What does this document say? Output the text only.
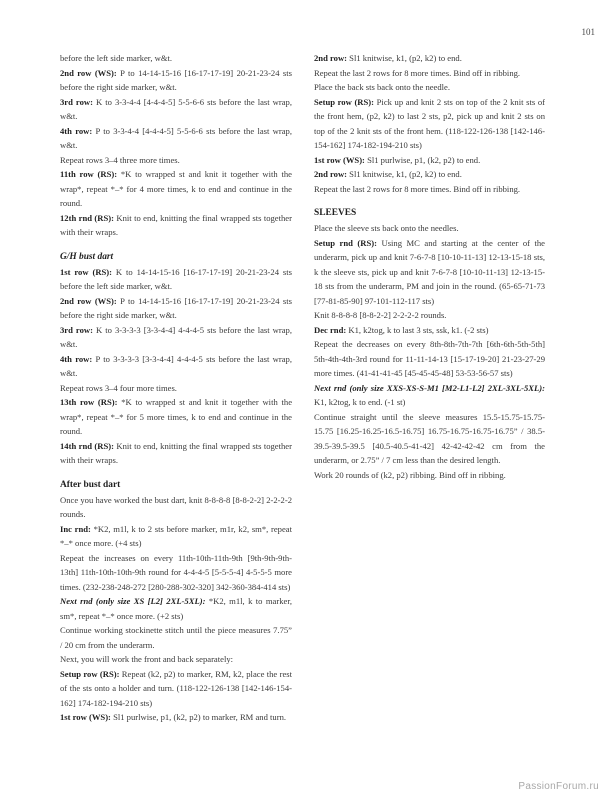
101

before the left side marker, w&t.

2nd row (WS): P to 14-14-15-16 [16-17-17-19] 20-21-23-24 sts before the right side marker, w&t.

3rd row: K to 3-3-4-4 [4-4-4-5] 5-5-6-6 sts before the last wrap, w&t.

4th row: P to 3-3-4-4 [4-4-4-5] 5-5-6-6 sts before the last wrap, w&t.

Repeat rows 3–4 three more times.

11th row (RS): *K to wrapped st and knit it together with the wrap*, repeat *–* for 4 more times, k to end and continue in the round.

12th rnd (RS): Knit to end, knitting the final wrapped sts together with their wraps.

G/H bust dart

1st row (RS): K to 14-14-15-16 [16-17-17-19] 20-21-23-24 sts before the left side marker, w&t.

2nd row (WS): P to 14-14-15-16 [16-17-17-19] 20-21-23-24 sts before the right side marker, w&t.

3rd row: K to 3-3-3-3 [3-3-4-4] 4-4-4-5 sts before the last wrap, w&t.

4th row: P to 3-3-3-3 [3-3-4-4] 4-4-4-5 sts before the last wrap, w&t.

Repeat rows 3–4 four more times.

13th row (RS): *K to wrapped st and knit it together with the wrap*, repeat *–* for 5 more times, k to end and continue in the round.

14th rnd (RS): Knit to end, knitting the final wrapped sts together with their wraps.

After bust dart

Once you have worked the bust dart, knit 8-8-8-8 [8-8-2-2] 2-2-2-2 rounds.

Inc rnd: *K2, m1l, k to 2 sts before marker, m1r, k2, sm*, repeat *–* once more. (+4 sts)

Repeat the increases on every 11th-10th-11th-9th [9th-9th-9th-13th] 11th-10th-10th-9th round for 4-4-4-5 [5-5-5-4] 4-5-5-5 more times. (232-238-248-272 [280-288-302-320] 342-360-384-414 sts)

Next rnd (only size XS [L2] 2XL-5XL): *K2, m1l, k to marker, sm*, repeat *–* once more. (+2 sts)

Continue working stockinette stitch until the piece measures 7.75” / 20 cm from the underarm.

Next, you will work the front and back separately:

Setup row (RS): Repeat (k2, p2) to marker, RM, k2, place the rest of the sts onto a holder and turn. (118-122-126-138 [142-146-154-162] 174-182-194-210 sts)

1st row (WS): Sl1 purlwise, p1, (k2, p2) to marker, RM and turn.

2nd row: Sl1 knitwise, k1, (p2, k2) to end.

Repeat the last 2 rows for 8 more times. Bind off in ribbing.

Place the back sts back onto the needle.

Setup row (RS): Pick up and knit 2 sts on top of the 2 knit sts of the front hem, (p2, k2) to last 2 sts, p2, pick up and knit 2 sts on top of the 2 knit sts of the front hem. (118-122-126-138 [142-146-154-162] 174-182-194-210 sts)

1st row (WS): Sl1 purlwise, p1, (k2, p2) to end.

2nd row: Sl1 knitwise, k1, (p2, k2) to end.

Repeat the last 2 rows for 8 more times. Bind off in ribbing.

SLEEVES

Place the sleeve sts back onto the needles.

Setup rnd (RS): Using MC and starting at the center of the underarm, pick up and knit 7-6-7-8 [10-10-11-13] 12-13-15-18 sts, k the sleeve sts, pick up and knit 7-6-7-8 [10-10-11-13] 12-13-15-18 sts from the underarm, PM and join in the round. (65-65-71-73 [77-81-85-90] 97-101-112-117 sts)

Knit 8-8-8-8 [8-8-2-2] 2-2-2-2 rounds.

Dec rnd: K1, k2tog, k to last 3 sts, ssk, k1. (-2 sts)

Repeat the decreases on every 8th-8th-7th-7th [6th-6th-5th-5th] 5th-4th-4th-3rd round for 11-11-14-13 [15-17-19-20] 21-23-27-29 more times. (41-41-41-45 [45-45-45-48] 53-53-56-57 sts)

Next rnd (only size XXS-XS-S-M1 [M2-L1-L2] 2XL-3XL-5XL): K1, k2tog, k to end. (-1 st)

Continue straight until the sleeve measures 15.5-15.75-15.75-15.75 [16.25-16.25-16.5-16.75] 16.75-16.75-16.75-16.75” / 38.5-39.5-39.5-39.5 [40.5-40.5-41-42] 42-42-42-42 cm from the underarm, or 2.75” / 7 cm less than the desired length.

Work 20 rounds of (k2, p2) ribbing. Bind off in ribbing.

PassionForum.ru
